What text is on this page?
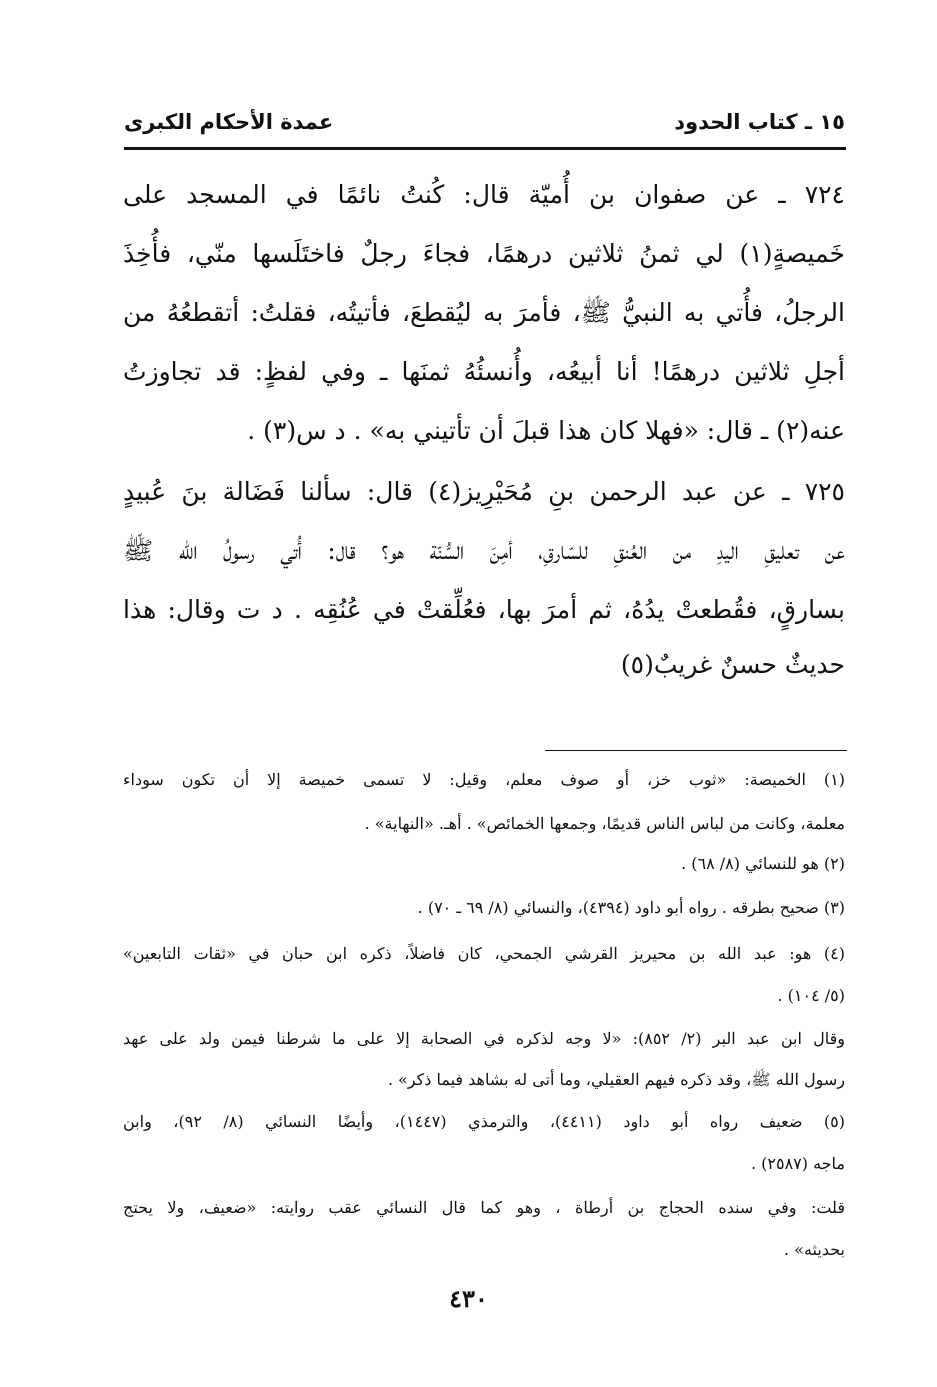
١٥ ـ كتاب الحدود
عمدة الأحكام الكبرى
٧٢٤ ـ عن صفوان بن أُميّة قال: كُنتُ نائمًا في المسجد على
خَميصةٍ(١) لي ثمنُ ثلاثين درهمًا، فجاءَ رجلٌ فاختَلَسها منّي، فأُخِذَ
الرجلُ، فأُتي به النبيُّ ﷺ، فأمرَ به ليُقطعَ، فأتيتُه، فقلتُ: أتقطعُهُ من
أجلِ ثلاثين درهمًا! أنا أبيعُه، وأُنسئُهُ ثمنَها ـ وفي لفظٍ: قد تجاوزتُ
عنه(٢) ـ قال: «فهلا كان هذا قبلَ أن تأتيني به» . د س(٣) .
٧٢٥ ـ عن عبد الرحمن بنِ مُحَيْرِيز(٤) قال: سألنا فَضَالة بنَ عُبيدٍ
عن تعليقِ اليدِ من العُنقِ للسّارقِ، أمِنَ السُّنّة هو؟ قال: أُتي رسولُ الله ﷺ
بسارقٍ، فقُطعتْ يدُهُ، ثم أمرَ بها، فعُلِّقتْ في عُنُقِه . د ت وقال: هذا
حديثٌ حسنٌ غريبٌ(٥)
(١) الخميصة: «ثوب خز، أو صوف معلم، وقيل: لا تسمى خميصة إلا أن تكون سوداء
معلمة، وكانت من لباس الناس قديمًا، وجمعها الخمائص» . أهـ. «النهاية» .
(٢) هو للنسائي (٨/ ٦٨) .
(٣) صحيح بطرقه . رواه أبو داود (٤٣٩٤)، والنسائي (٨/ ٦٩ ـ ٧٠) .
(٤) هو: عبد الله بن محيريز القرشي الجمحي، كان فاضلاً، ذكره ابن حبان في «ثقات التابعين»
(٥/ ١٠٤) .
وقال ابن عبد البر (٢/ ٨٥٢): «لا وجه لذكره في الصحابة إلا على ما شرطنا فيمن ولد على عهد
رسول الله ﷺ، وقد ذكره فيهم العقيلي، وما أتى له بشاهد فيما ذكر» .
(٥) ضعيف رواه أبو داود (٤٤١١)، والترمذي (١٤٤٧)، وأيضًا النسائي (٨/ ٩٢)، وابن
ماجه (٢٥٨٧) .
قلت: وفي سنده الحجاج بن أرطاة ، وهو كما قال النسائي عقب روايته: «ضعيف، ولا يحتج
بحديثه» .
٤٣٠
